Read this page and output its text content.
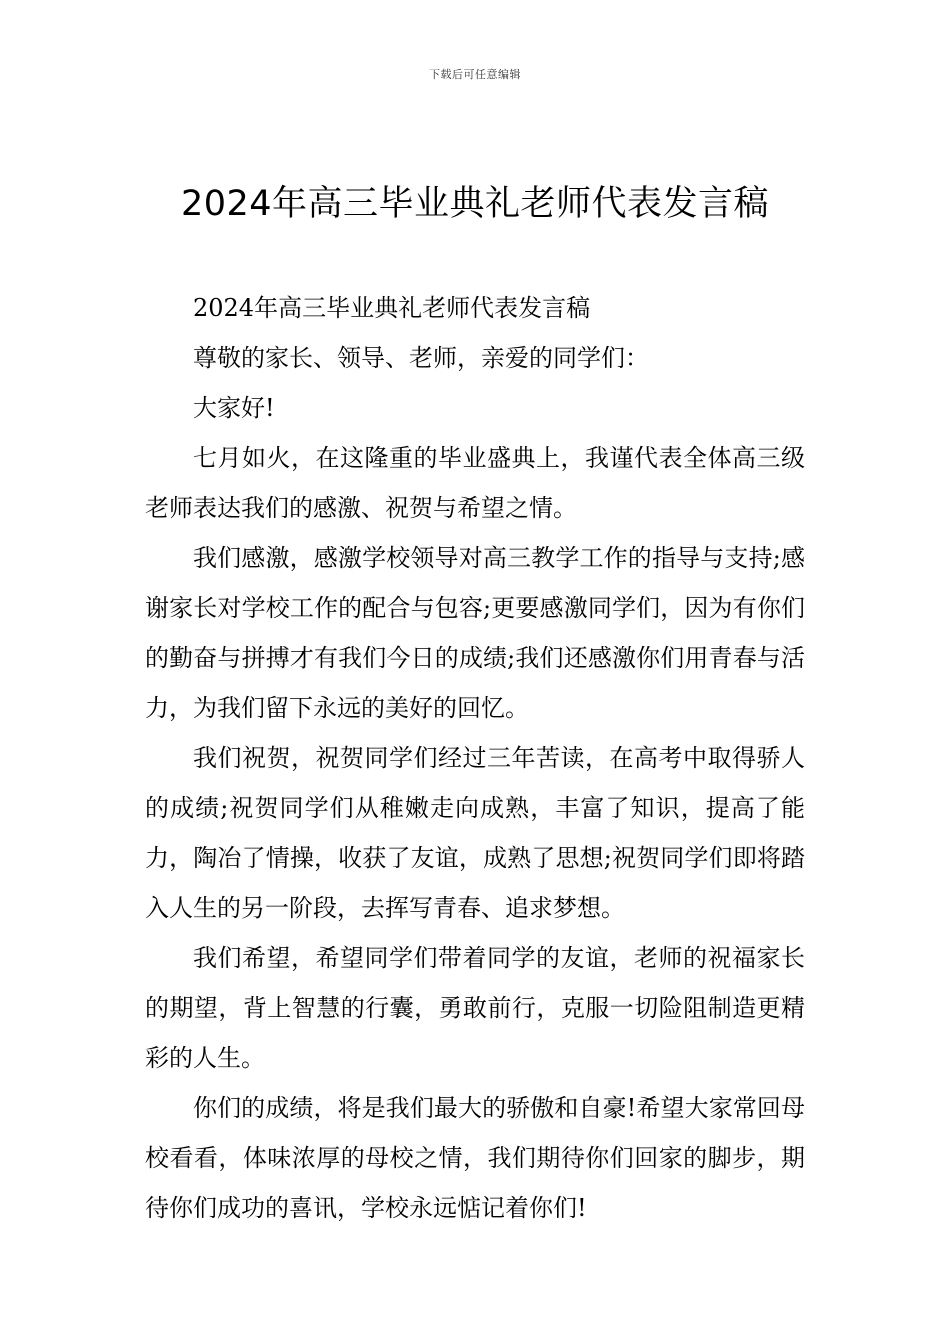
下载后可任意编辑
2024年高三毕业典礼老师代表发言稿

2024年高三毕业典礼老师代表发言稿

尊敬的家长、领导、老师，亲爱的同学们：

大家好!

七月如火，在这隆重的毕业盛典上，我谨代表全体高三级老师表达我们的感激、祝贺与希望之情。

我们感激，感激学校领导对高三教学工作的指导与支持;感谢家长对学校工作的配合与包容;更要感激同学们，因为有你们的勤奋与拼搏才有我们今日的成绩;我们还感激你们用青春与活力，为我们留下永远的美好的回忆。

我们祝贺，祝贺同学们经过三年苦读，在高考中取得骄人的成绩;祝贺同学们从稚嫩走向成熟，丰富了知识，提高了能力，陶冶了情操，收获了友谊，成熟了思想;祝贺同学们即将踏入人生的另一阶段，去挥写青春、追求梦想。

我们希望，希望同学们带着同学的友谊，老师的祝福家长的期望，背上智慧的行囊，勇敢前行，克服一切险阻制造更精彩的人生。

你们的成绩，将是我们最大的骄傲和自豪!希望大家常回母校看看，体味浓厚的母校之情，我们期待你们回家的脚步，期待你们成功的喜讯，学校永远惦记着你们!
